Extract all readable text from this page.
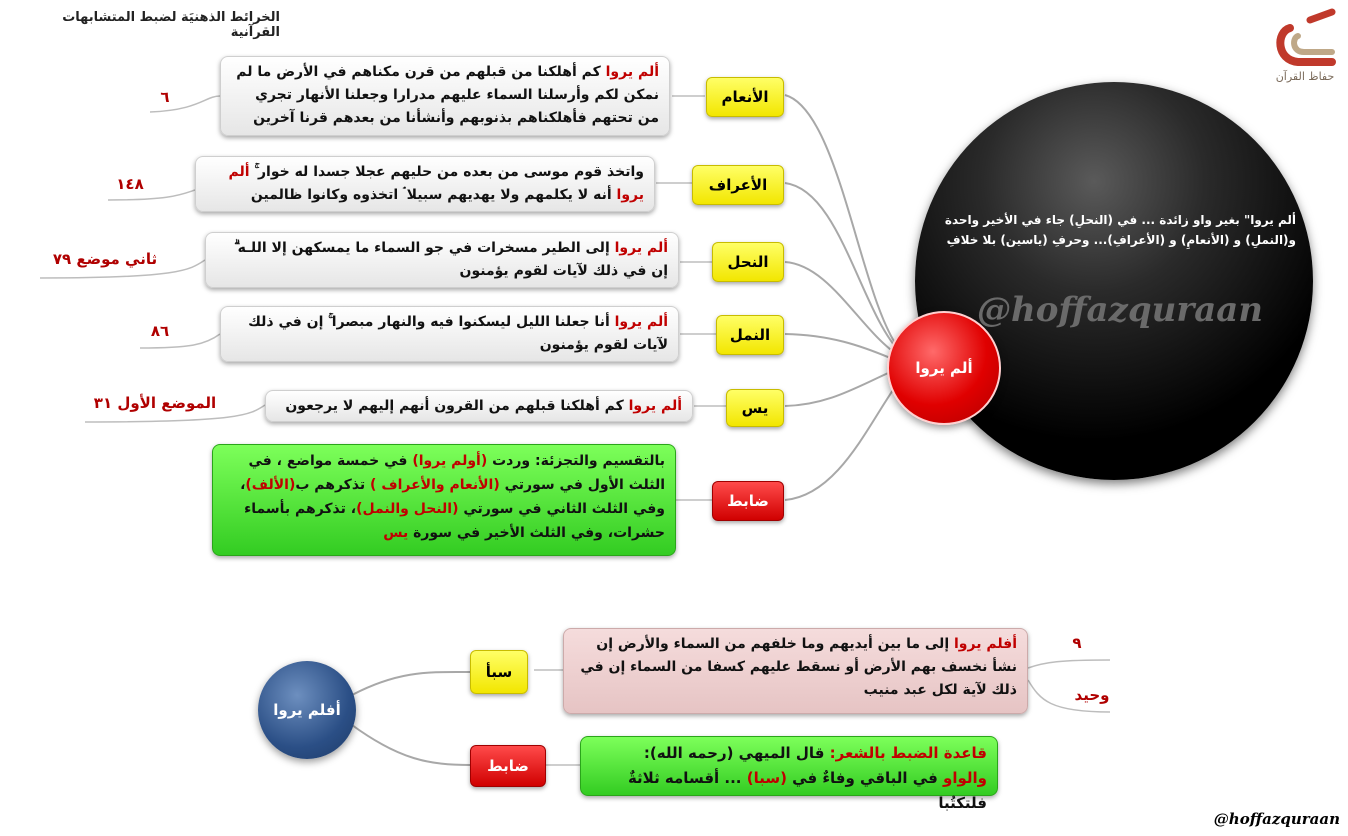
الخرائط الذهنيَة لضبط المتشابهات القرآنية
حفاظ القرآن
ألم يروا" بغير واو زائدة ... في (النحلِ) جاء في الأخير واحدة
و(النملِ) و (الأنعامِ) و (الأعرافِ)... وحرفِ (ياسين) بلا خلافِ
@hoffazquraan
ألم يروا
الأنعام
ألم يروا كم أهلكنا من قبلهم من قرن مكناهم في الأرض ما لم نمكن لكم وأرسلنا السماء عليهم مدرارا وجعلنا الأنهار تجري من تحتهم فأهلكناهم بذنوبهم وأنشأنا من بعدهم قرنا آخرين
٦
الأعراف
واتخذ قوم موسى من بعده من حليهم عجلا جسدا له خوار ۚ ألم يروا أنه لا يكلمهم ولا يهديهم سبيلا ۘ اتخذوه وكانوا ظالمين
١٤٨
النحل
ألم يروا إلى الطير مسخرات في جو السماء ما يمسكهن إلا اللـه ۗ إن في ذلك لآيات لقوم يؤمنون
ثاني موضع ٧٩
النمل
ألم يروا أنا جعلنا الليل ليسكنوا فيه والنهار مبصرا ۚ إن في ذلك لآيات لقوم يؤمنون
٨٦
يس
ألم يروا كم أهلكنا قبلهم من القرون أنهم إليهم لا يرجعون
الموضع الأول ٣١
ضابط
بالتقسيم والتجزئة: وردت (أولم يروا) في خمسة مواضع ، في الثلث الأول في سورتي (الأنعام والأعراف ) تذكرهم ب(الألف)، وفي الثلث الثاني في سورتي (النحل والنمل)، تذكرهم بأسماء حشرات، وفي الثلث الأخير في سورة يس
أفلم يروا
سبأ
أفلم يروا إلى ما بين أيديهم وما خلفهم من السماء والأرض إن نشأ نخسف بهم الأرض أو نسقط عليهم كسفا من السماء إن في ذلك لآية لكل عبد منيب
٩
وحيد
ضابط
قاعدة الضبط بالشعر: قال الميهي (رحمه الله):
والواو في الباقي وفاءٌ في (سبا) ... أقسامه ثلاثةٌ فلتكتُبا
@hoffazquraan
